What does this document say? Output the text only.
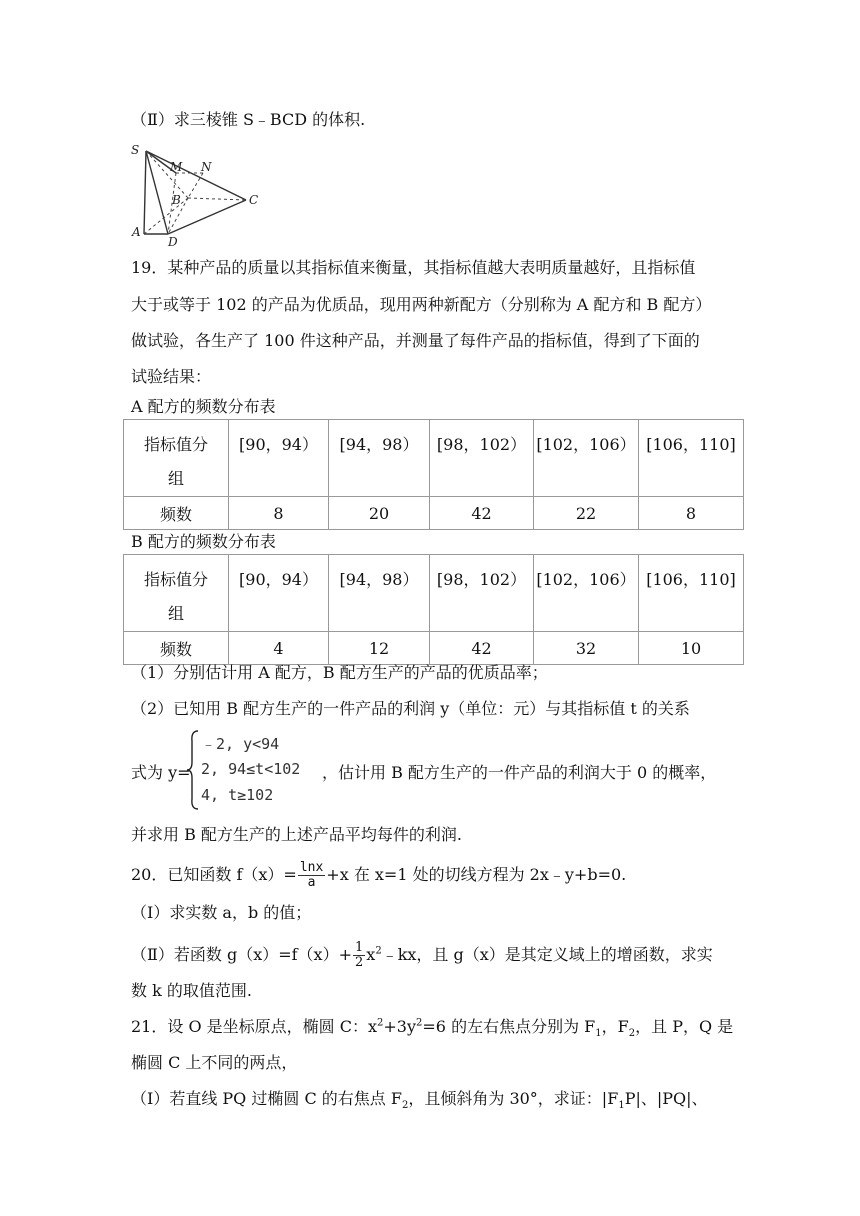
（Ⅱ）求三棱锥 S﹣BCD 的体积.
S
M N
B	C
A
D
19．某种产品的质量以其指标值来衡量，其指标值越大表明质量越好，且指标值
大于或等于 102 的产品为优质品，现用两种新配方（分别称为 A 配方和 B 配方）
做试验，各生产了 100 件这种产品，并测量了每件产品的指标值，得到了下面的
试验结果：
A 配方的频数分布表
指标值分
组	[90，94）	[94，98）	[98，102）	[102，106）	[106，110]

频数	8	20	42	22	8
B 配方的频数分布表
指标值分
组	[90，94）	[94，98）	[98，102）	[102，106）	[106，110]

频数	4	12	42	32	10
（1）分别估计用 A 配方，B 配方生产的产品的优质品率；
（2）已知用 B 配方生产的一件产品的利润 y（单位：元）与其指标值 t 的关系
式为 y=
﹣2, y<94
2, 94≤t<102
4, t≥102
，估计用 B 配方生产的一件产品的利润大于 0 的概率，
并求用 B 配方生产的上述产品平均每件的利润.
20．已知函数 $f(x)= \frac{\ln x}{a} +x$ 在 x=1 处的切线方程为 2x﹣y+b=0.
（Ⅰ）求实数 a，b 的值；
（Ⅱ）若函数 $g(x)=f(x)+ \frac{1}{2}$ $x^2﹣kx$，且 g（x）是其定义域上的增函数，求实
数 k 的取值范围.
21．设 O 是坐标原点，椭圆 C：$x^2+3y^2=6$ 的左右焦点分别为 $F_1$，$F_2$，且 P，Q 是
椭圆 C 上不同的两点，
（I）若直线 PQ 过椭圆 C 的右焦点 $F_2$，且倾斜角为 30°，求证：$|F_1P|$、|PQ|、
